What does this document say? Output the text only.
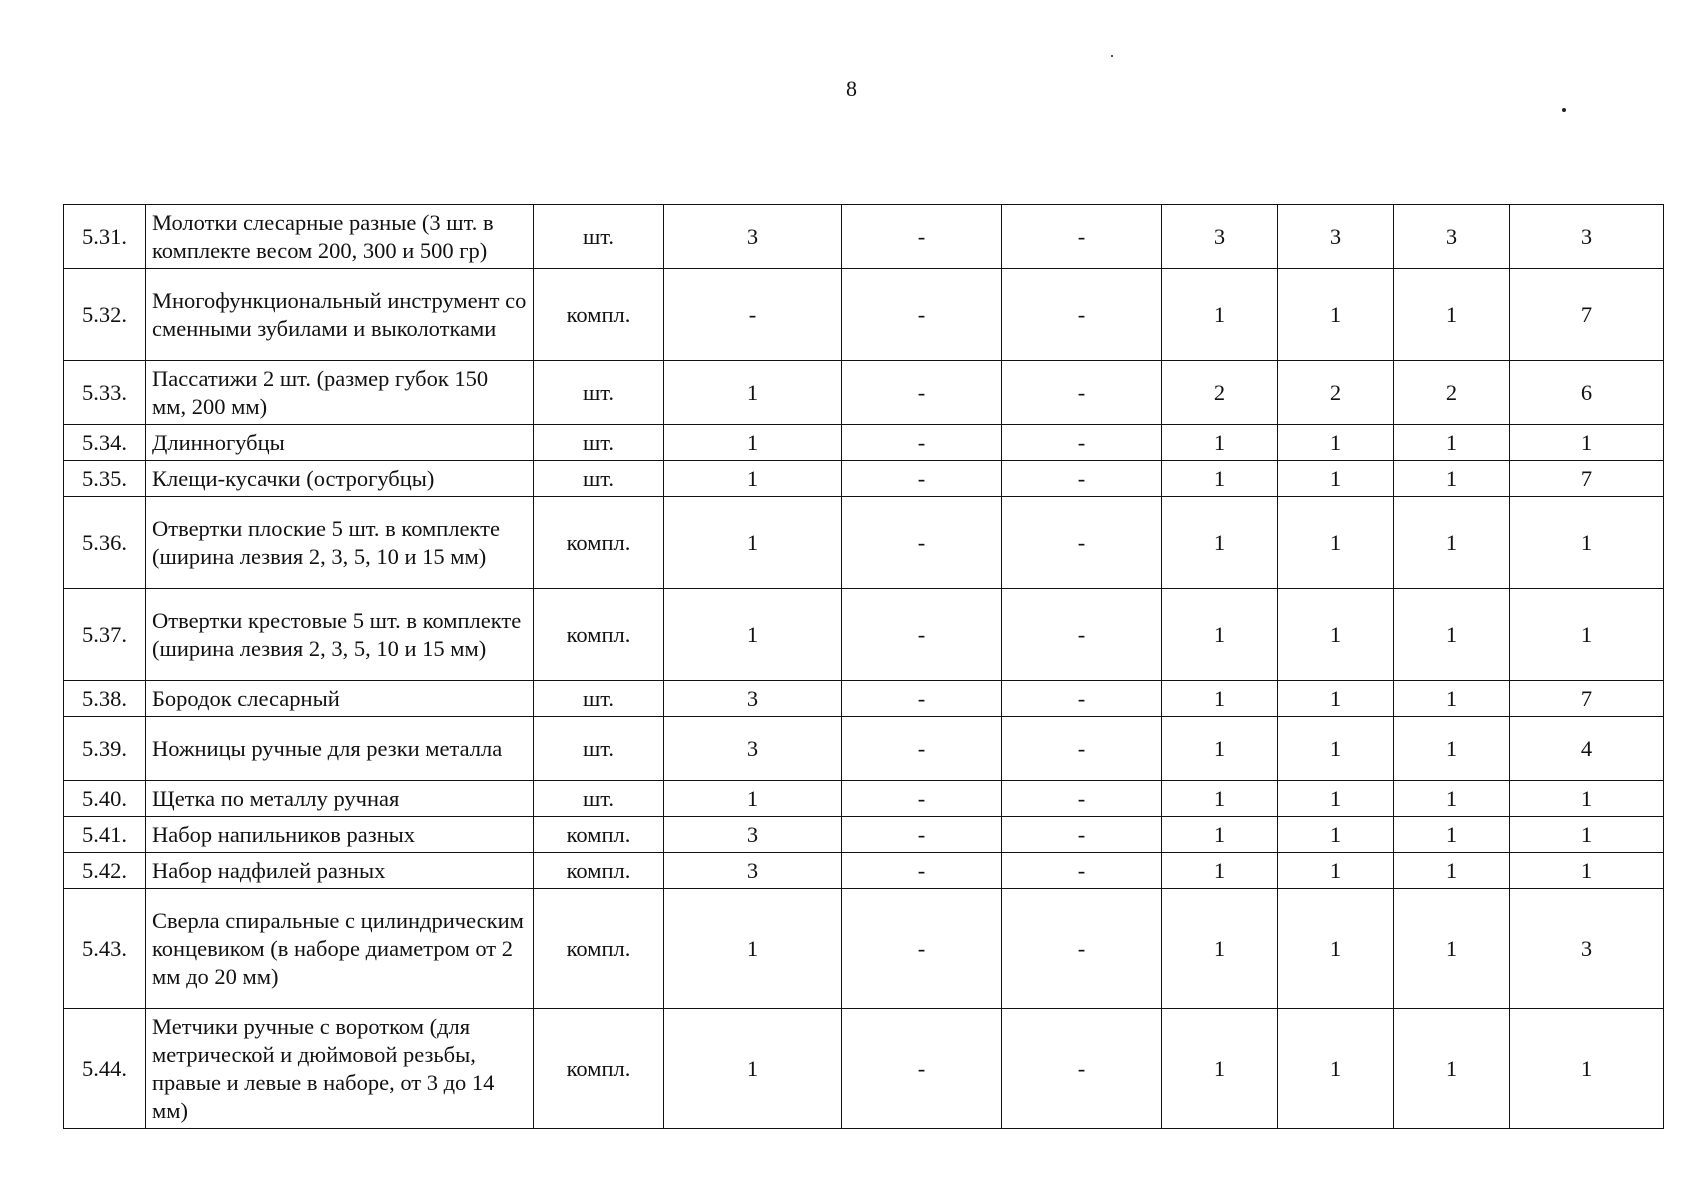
8
5.31.	Молотки слесарные разные (3 шт. в комплекте весом 200, 300 и 500 гр)	шт.	3	-	-	3	3	3	3
5.32.	Многофункциональный инструмент со сменными зубилами и выколотками	компл.	-	-	-	1	1	1	7
5.33.	Пассатижи 2 шт. (размер губок 150 мм, 200 мм)	шт.	1	-	-	2	2	2	6
5.34.	Длинногубцы	шт.	1	-	-	1	1	1	1
5.35.	Клещи-кусачки (острогубцы)	шт.	1	-	-	1	1	1	7
5.36.	Отвертки плоские 5 шт. в комплекте (ширина лезвия 2, 3, 5, 10 и 15 мм)	компл.	1	-	-	1	1	1	1
5.37.	Отвертки крестовые 5 шт. в комплекте (ширина лезвия 2, 3, 5, 10 и 15 мм)	компл.	1	-	-	1	1	1	1
5.38.	Бородок слесарный	шт.	3	-	-	1	1	1	7
5.39.	Ножницы ручные для резки металла	шт.	3	-	-	1	1	1	4
5.40.	Щетка по металлу ручная	шт.	1	-	-	1	1	1	1
5.41.	Набор напильников разных	компл.	3	-	-	1	1	1	1
5.42.	Набор надфилей разных	компл.	3	-	-	1	1	1	1
5.43.	Сверла спиральные с цилиндрическим концевиком (в наборе диаметром от 2 мм до 20 мм)	компл.	1	-	-	1	1	1	3
5.44.	Метчики ручные с воротком (для метрической и дюймовой резьбы, правые и левые в наборе, от 3 до 14 мм)	компл.	1	-	-	1	1	1	1
